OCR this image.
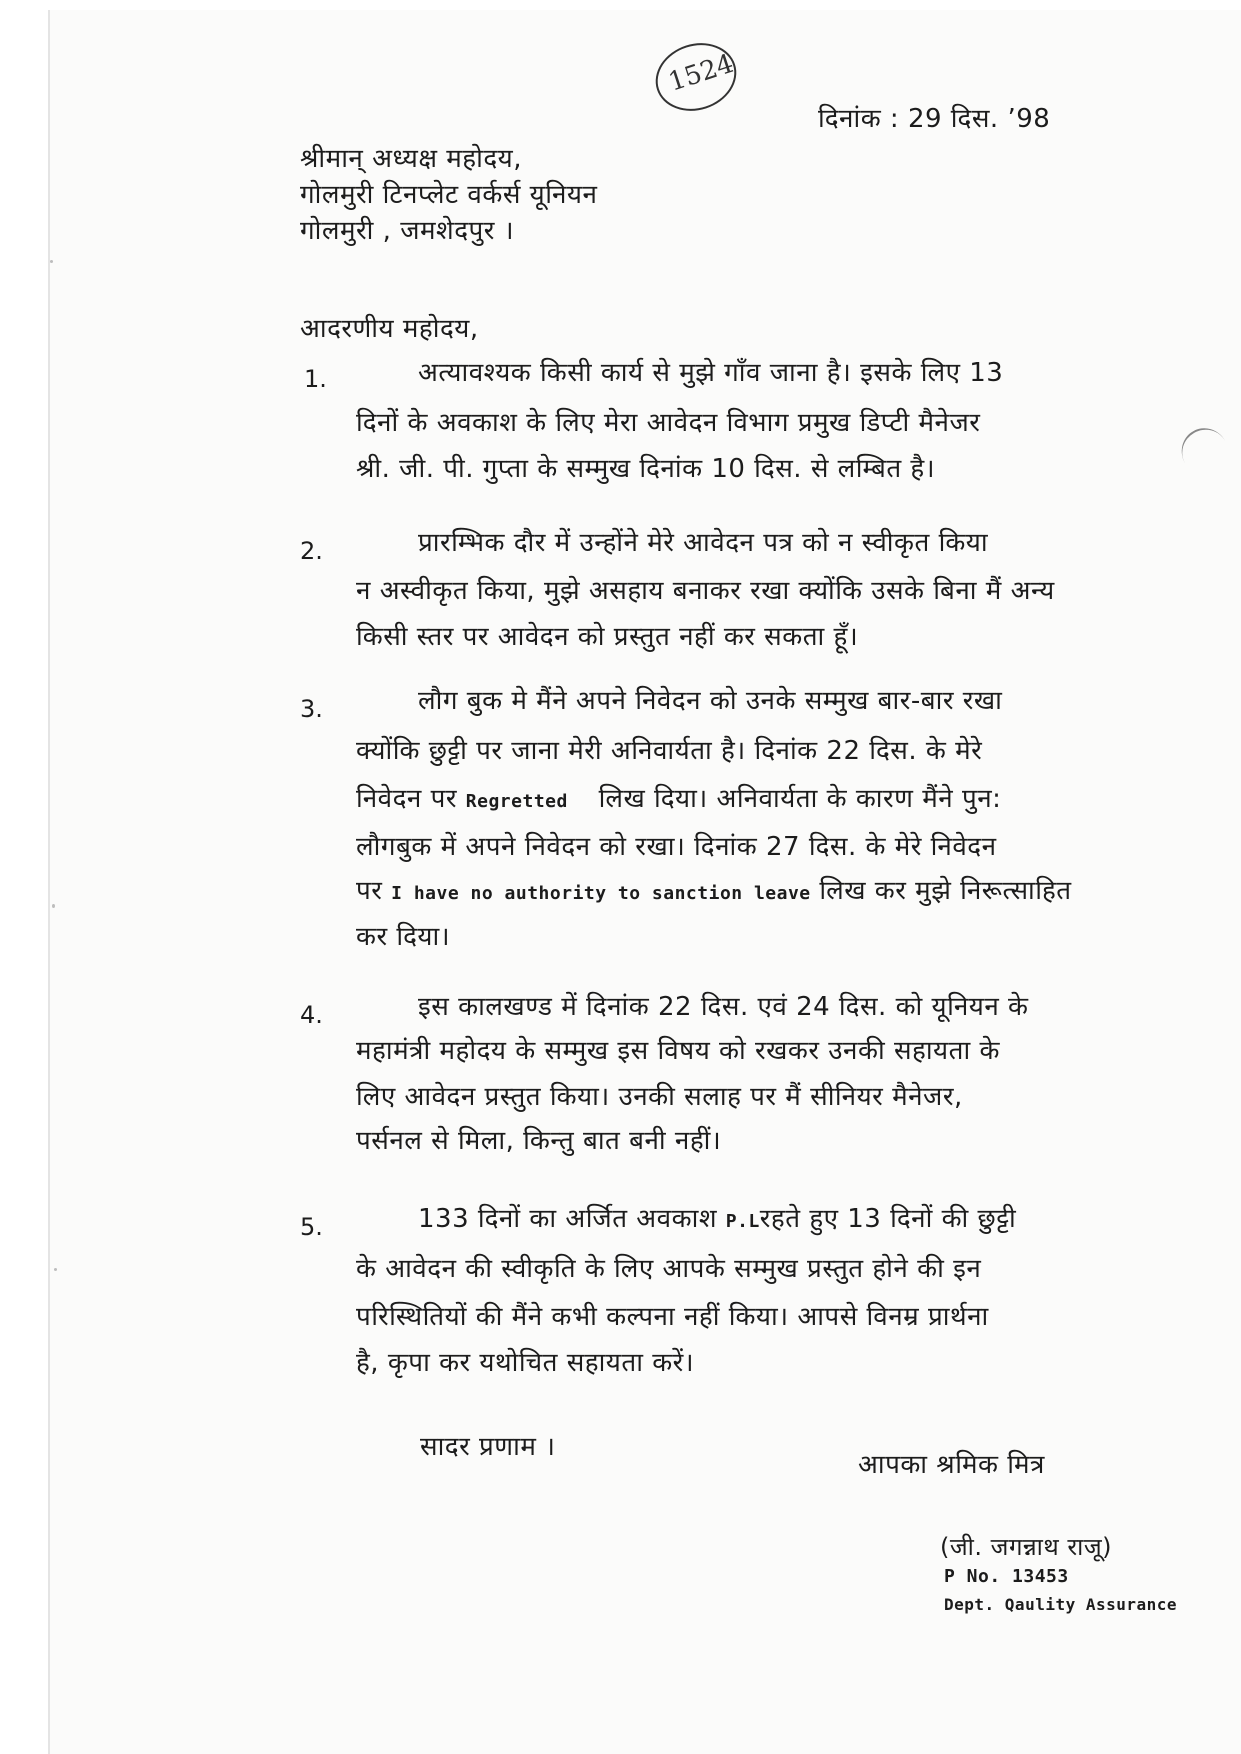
1524
दिनांक : 29 दिस. ’98
श्रीमान् अध्यक्ष महोदय,
गोलमुरी टिनप्लेट वर्कर्स यूनियन
गोलमुरी , जमशेदपुर ।
आदरणीय महोदय,
1.	अत्यावश्यक किसी कार्य से मुझे गाँव जाना है। इसके लिए 13
दिनों के अवकाश के लिए मेरा आवेदन विभाग प्रमुख डिप्टी मैनेजर
श्री. जी. पी. गुप्ता के सम्मुख दिनांक 10 दिस. से लम्बित है।
2.	प्रारम्भिक दौर में उन्होंने मेरे आवेदन पत्र को न स्वीकृत किया
न अस्वीकृत किया, मुझे असहाय बनाकर रखा क्योंकि उसके बिना मैं अन्य
किसी स्तर पर आवेदन को प्रस्तुत नहीं कर सकता हूँ।
3.	लौग बुक मे मैंने अपने निवेदन को उनके सम्मुख बार-बार रखा
क्योंकि छुट्टी पर जाना मेरी अनिवार्यता है। दिनांक 22 दिस. के मेरे
निवेदन पर Regretted लिख दिया। अनिवार्यता के कारण मैंने पुन:
लौगबुक में अपने निवेदन को रखा। दिनांक 27 दिस. के मेरे निवेदन
पर I have no authority to sanction leave लिख कर मुझे निरूत्साहित
कर दिया।
4.	इस कालखण्ड में दिनांक 22 दिस. एवं 24 दिस. को यूनियन के
महामंत्री महोदय के सम्मुख इस विषय को रखकर उनकी सहायता के
लिए आवेदन प्रस्तुत किया। उनकी सलाह पर मैं सीनियर मैनेजर,
पर्सनल से मिला, किन्तु बात बनी नहीं।
5.	133 दिनों का अर्जित अवकाश P.Lरहते हुए 13 दिनों की छुट्टी
के आवेदन की स्वीकृति के लिए आपके सम्मुख प्रस्तुत होने की इन
परिस्थितियों की मैंने कभी कल्पना नहीं किया। आपसे विनम्र प्रार्थना
है, कृपा कर यथोचित सहायता करें।
सादर प्रणाम ।
आपका श्रमिक मित्र
(जी. जगन्नाथ राजू)
P No. 13453
Dept. Qaulity Assurance
